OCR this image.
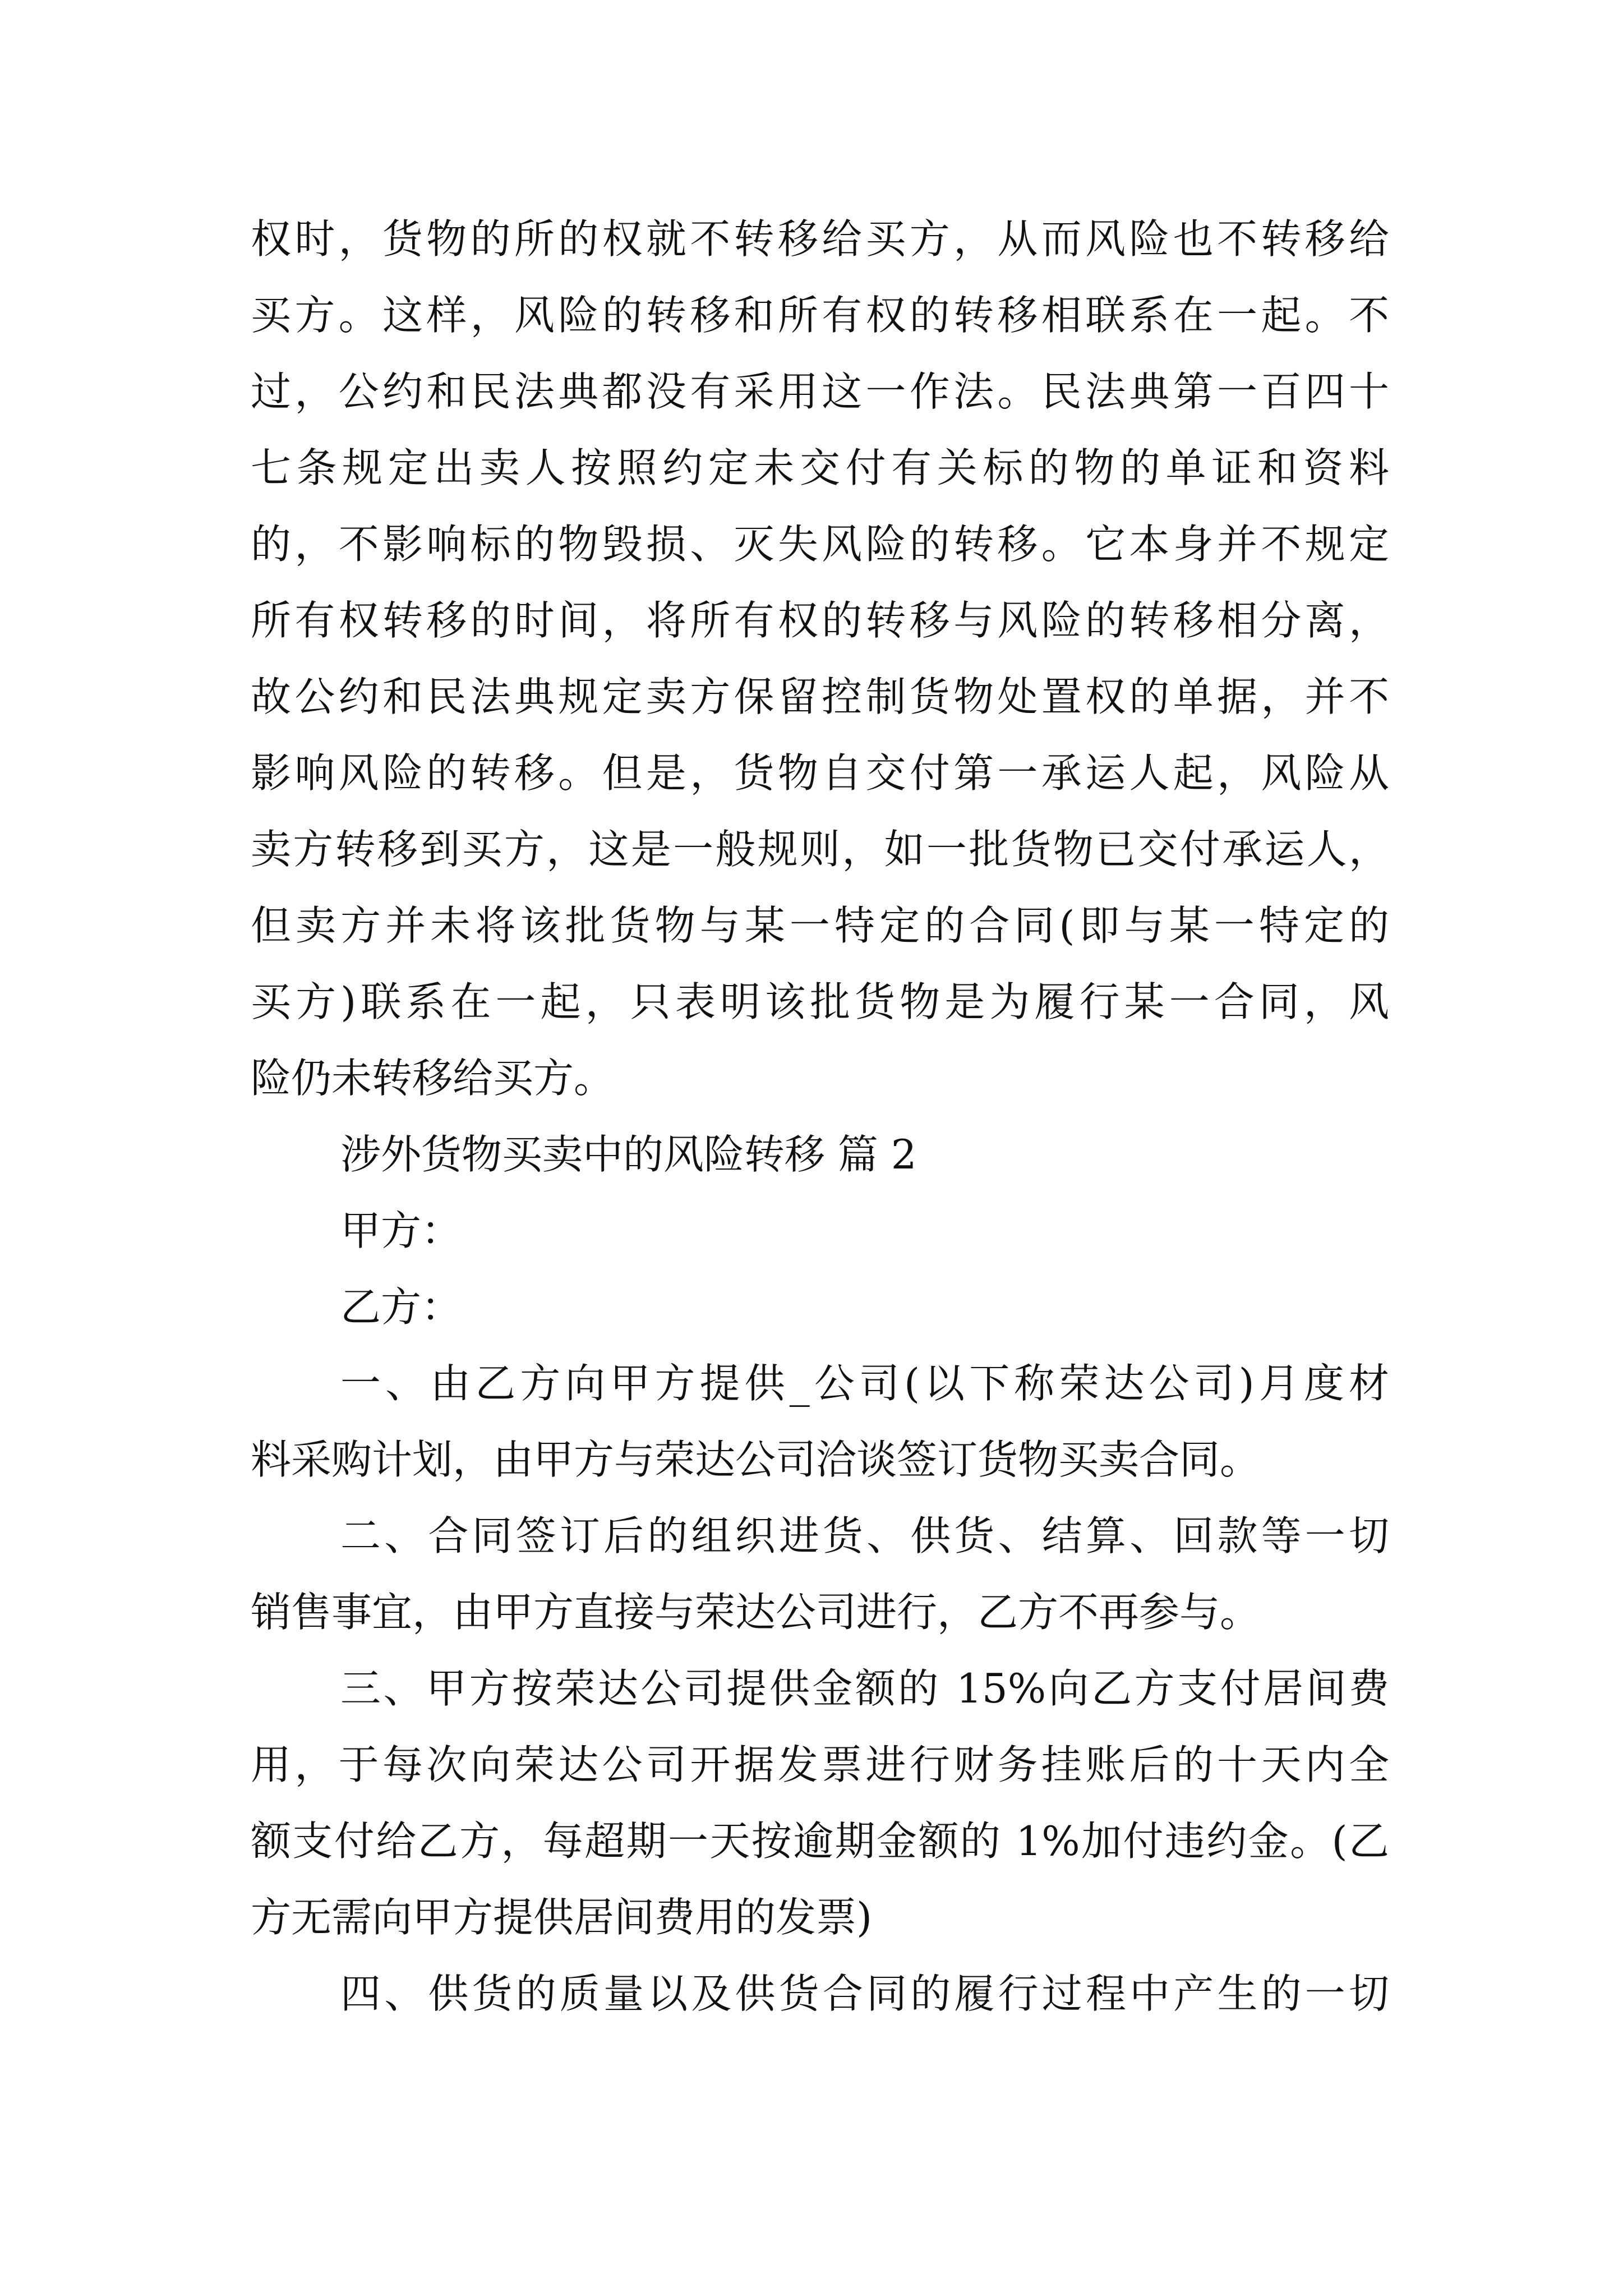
权时，货物的所的权就不转移给买方，从而风险也不转移给
买方。这样，风险的转移和所有权的转移相联系在一起。不
过，公约和民法典都没有采用这一作法。民法典第一百四十
七条规定出卖人按照约定未交付有关标的物的单证和资料
的，不影响标的物毁损、灭失风险的转移。它本身并不规定
所有权转移的时间，将所有权的转移与风险的转移相分离，
故公约和民法典规定卖方保留控制货物处置权的单据，并不
影响风险的转移。但是，货物自交付第一承运人起，风险从
卖方转移到买方，这是一般规则，如一批货物已交付承运人，
但卖方并未将该批货物与某一特定的合同(即与某一特定的
买方)联系在一起，只表明该批货物是为履行某一合同，风
险仍未转移给买方。
涉外货物买卖中的风险转移 篇 2
甲方：
乙方：
一、由乙方向甲方提供_公司(以下称荣达公司)月度材
料采购计划，由甲方与荣达公司洽谈签订货物买卖合同。
二、合同签订后的组织进货、供货、结算、回款等一切
销售事宜，由甲方直接与荣达公司进行，乙方不再参与。
三、甲方按荣达公司提供金额的 15%向乙方支付居间费
用，于每次向荣达公司开据发票进行财务挂账后的十天内全
额支付给乙方，每超期一天按逾期金额的 1%加付违约金。(乙
方无需向甲方提供居间费用的发票)
四、供货的质量以及供货合同的履行过程中产生的一切
